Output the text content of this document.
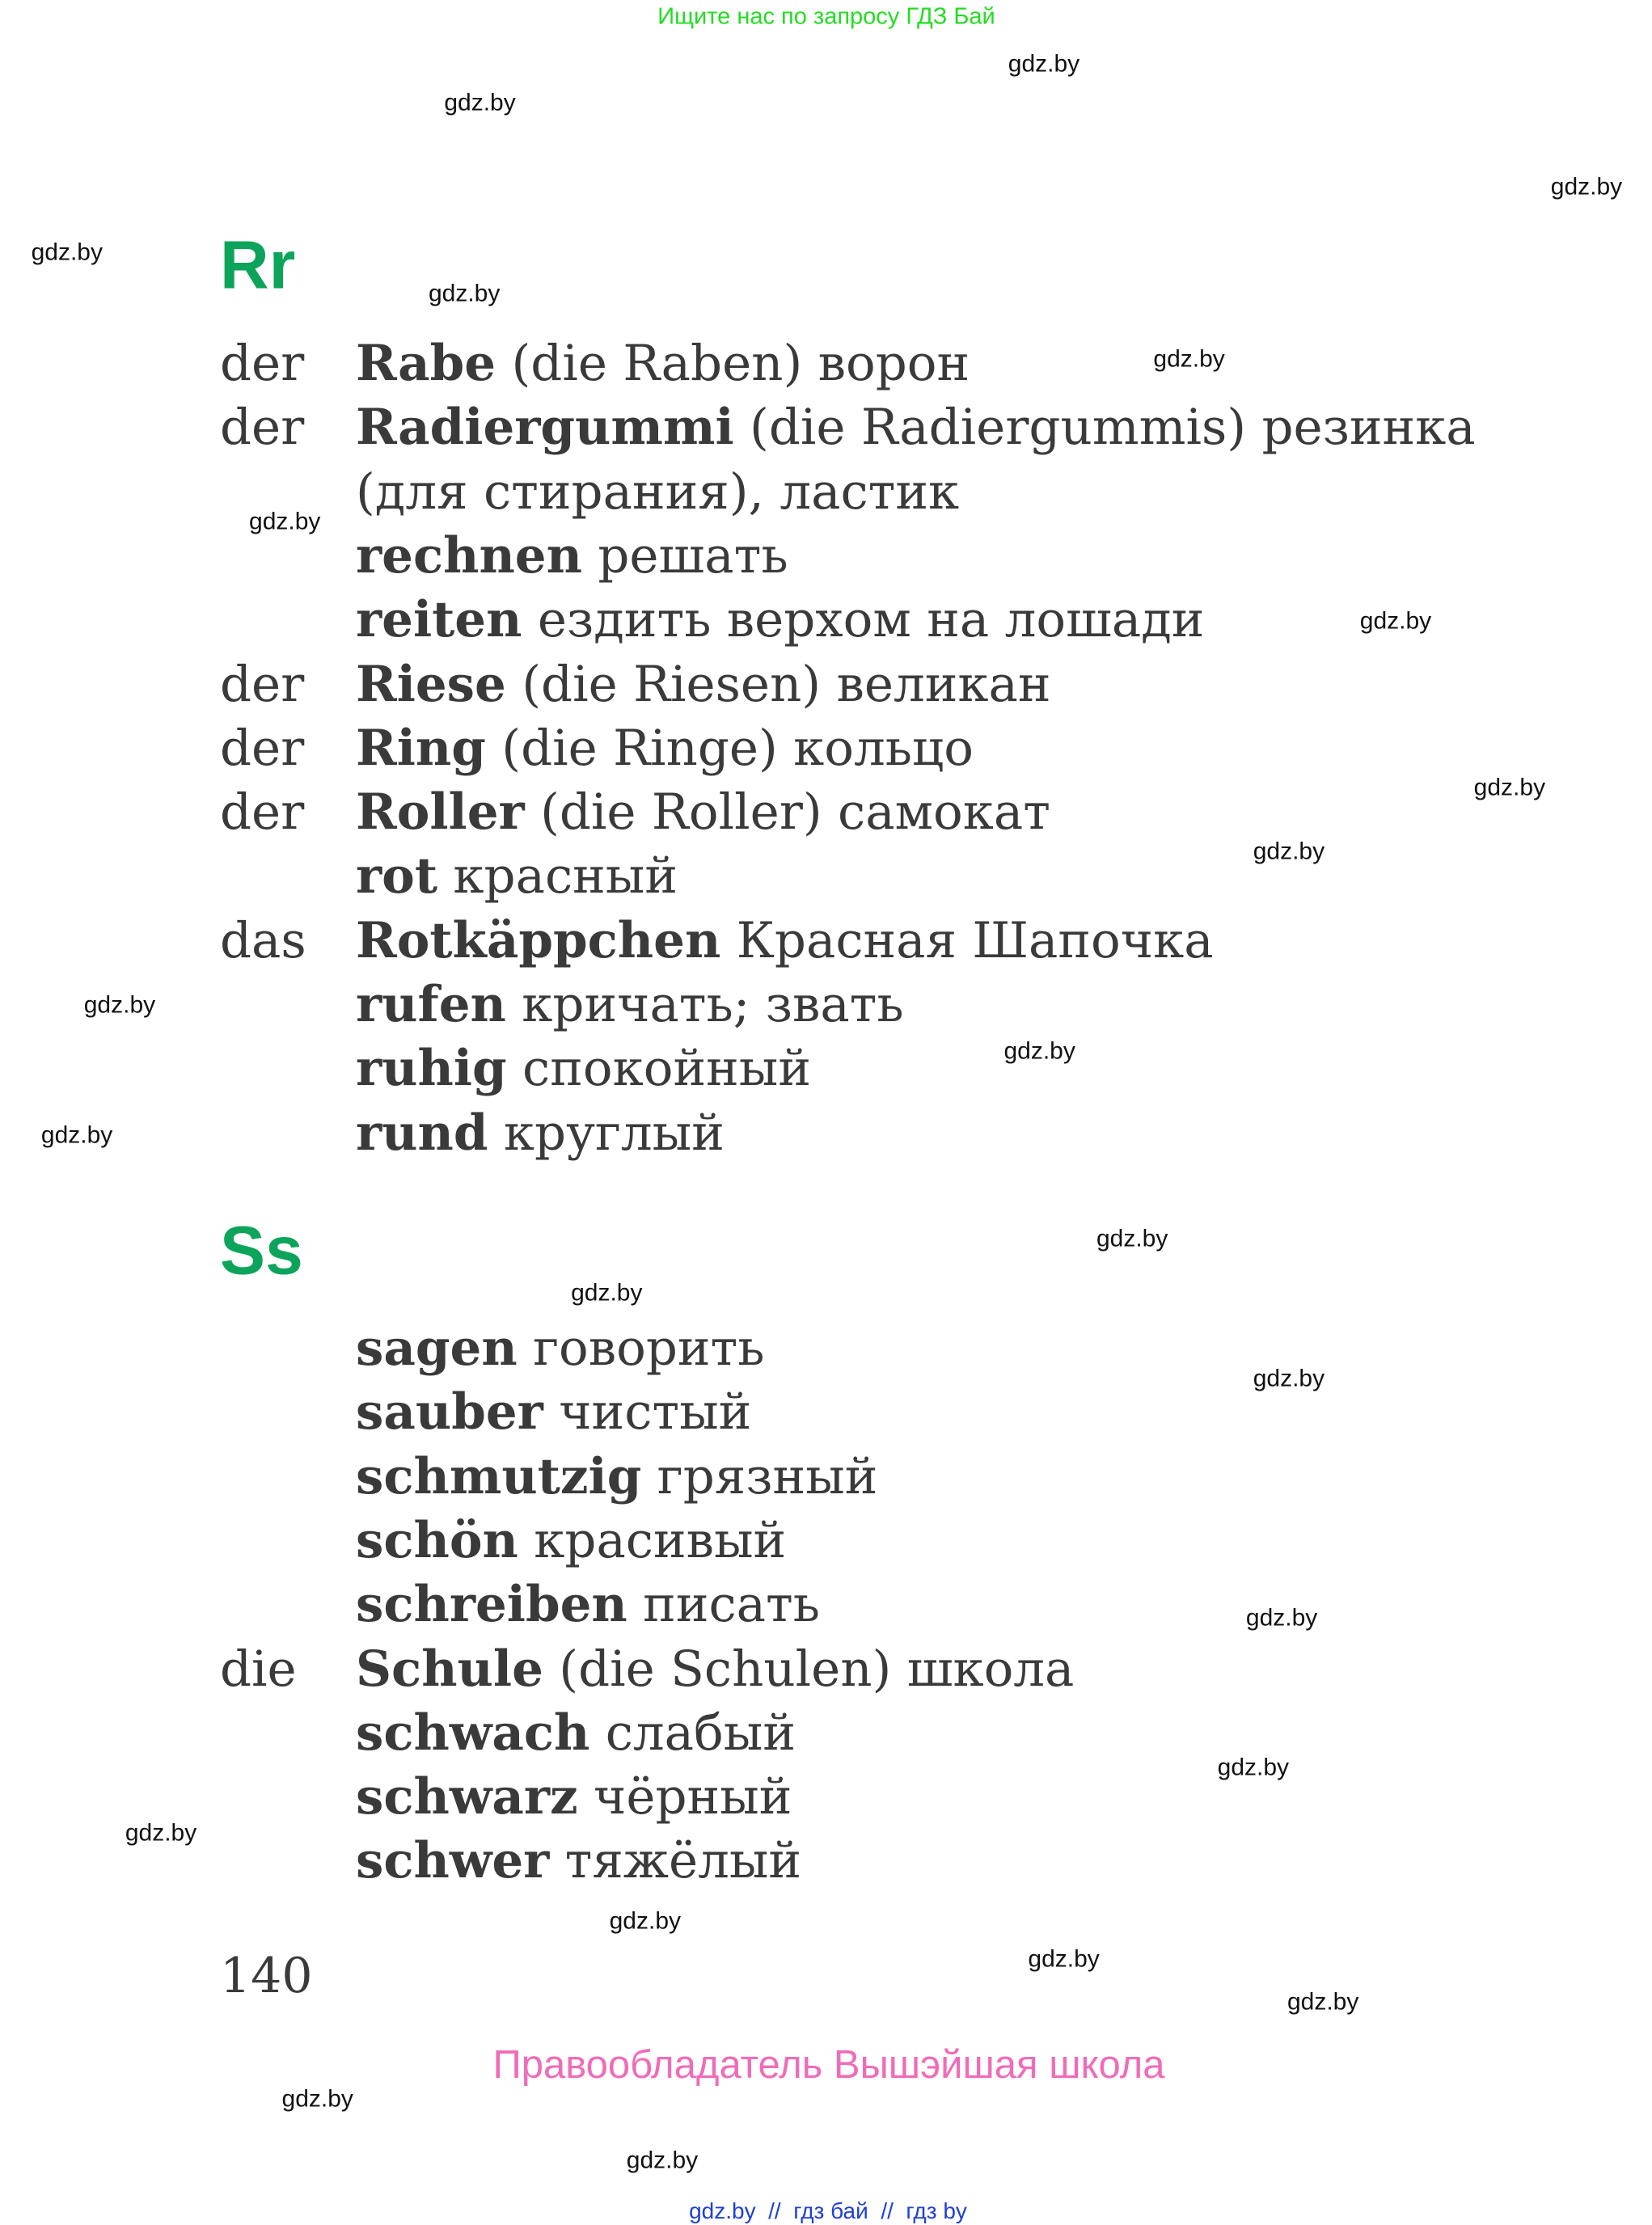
Ищите нас по запросу ГДЗ Бай
gdz.by
gdz.by
gdz.by
gdz.by
gdz.by
gdz.by
gdz.by
gdz.by
gdz.by
gdz.by
gdz.by
gdz.by
gdz.by
gdz.by
gdz.by
gdz.by
gdz.by
gdz.by
gdz.by
gdz.by
gdz.by
gdz.by
gdz.by
gdz.by
Rr
der Rabe (die Raben) ворон
der Radiergummi (die Radiergummis) резинка
(для стирания), ластик
rechnen решать
reiten ездить верхом на лошади
der Riese (die Riesen) великан
der Ring (die Ringe) кольцо
der Roller (die Roller) самокат
rot красный
das Rotkäppchen Красная Шапочка
rufen кричать; звать
ruhig спокойный
rund круглый
Ss
sagen говорить
sauber чистый
schmutzig грязный
schön красивый
schreiben писать
die Schule (die Schulen) школа
schwach слабый
schwarz чёрный
schwer тяжёлый
140
Правообладатель Вышэйшая школа
gdz.by  //  гдз бай  //  гдз by
